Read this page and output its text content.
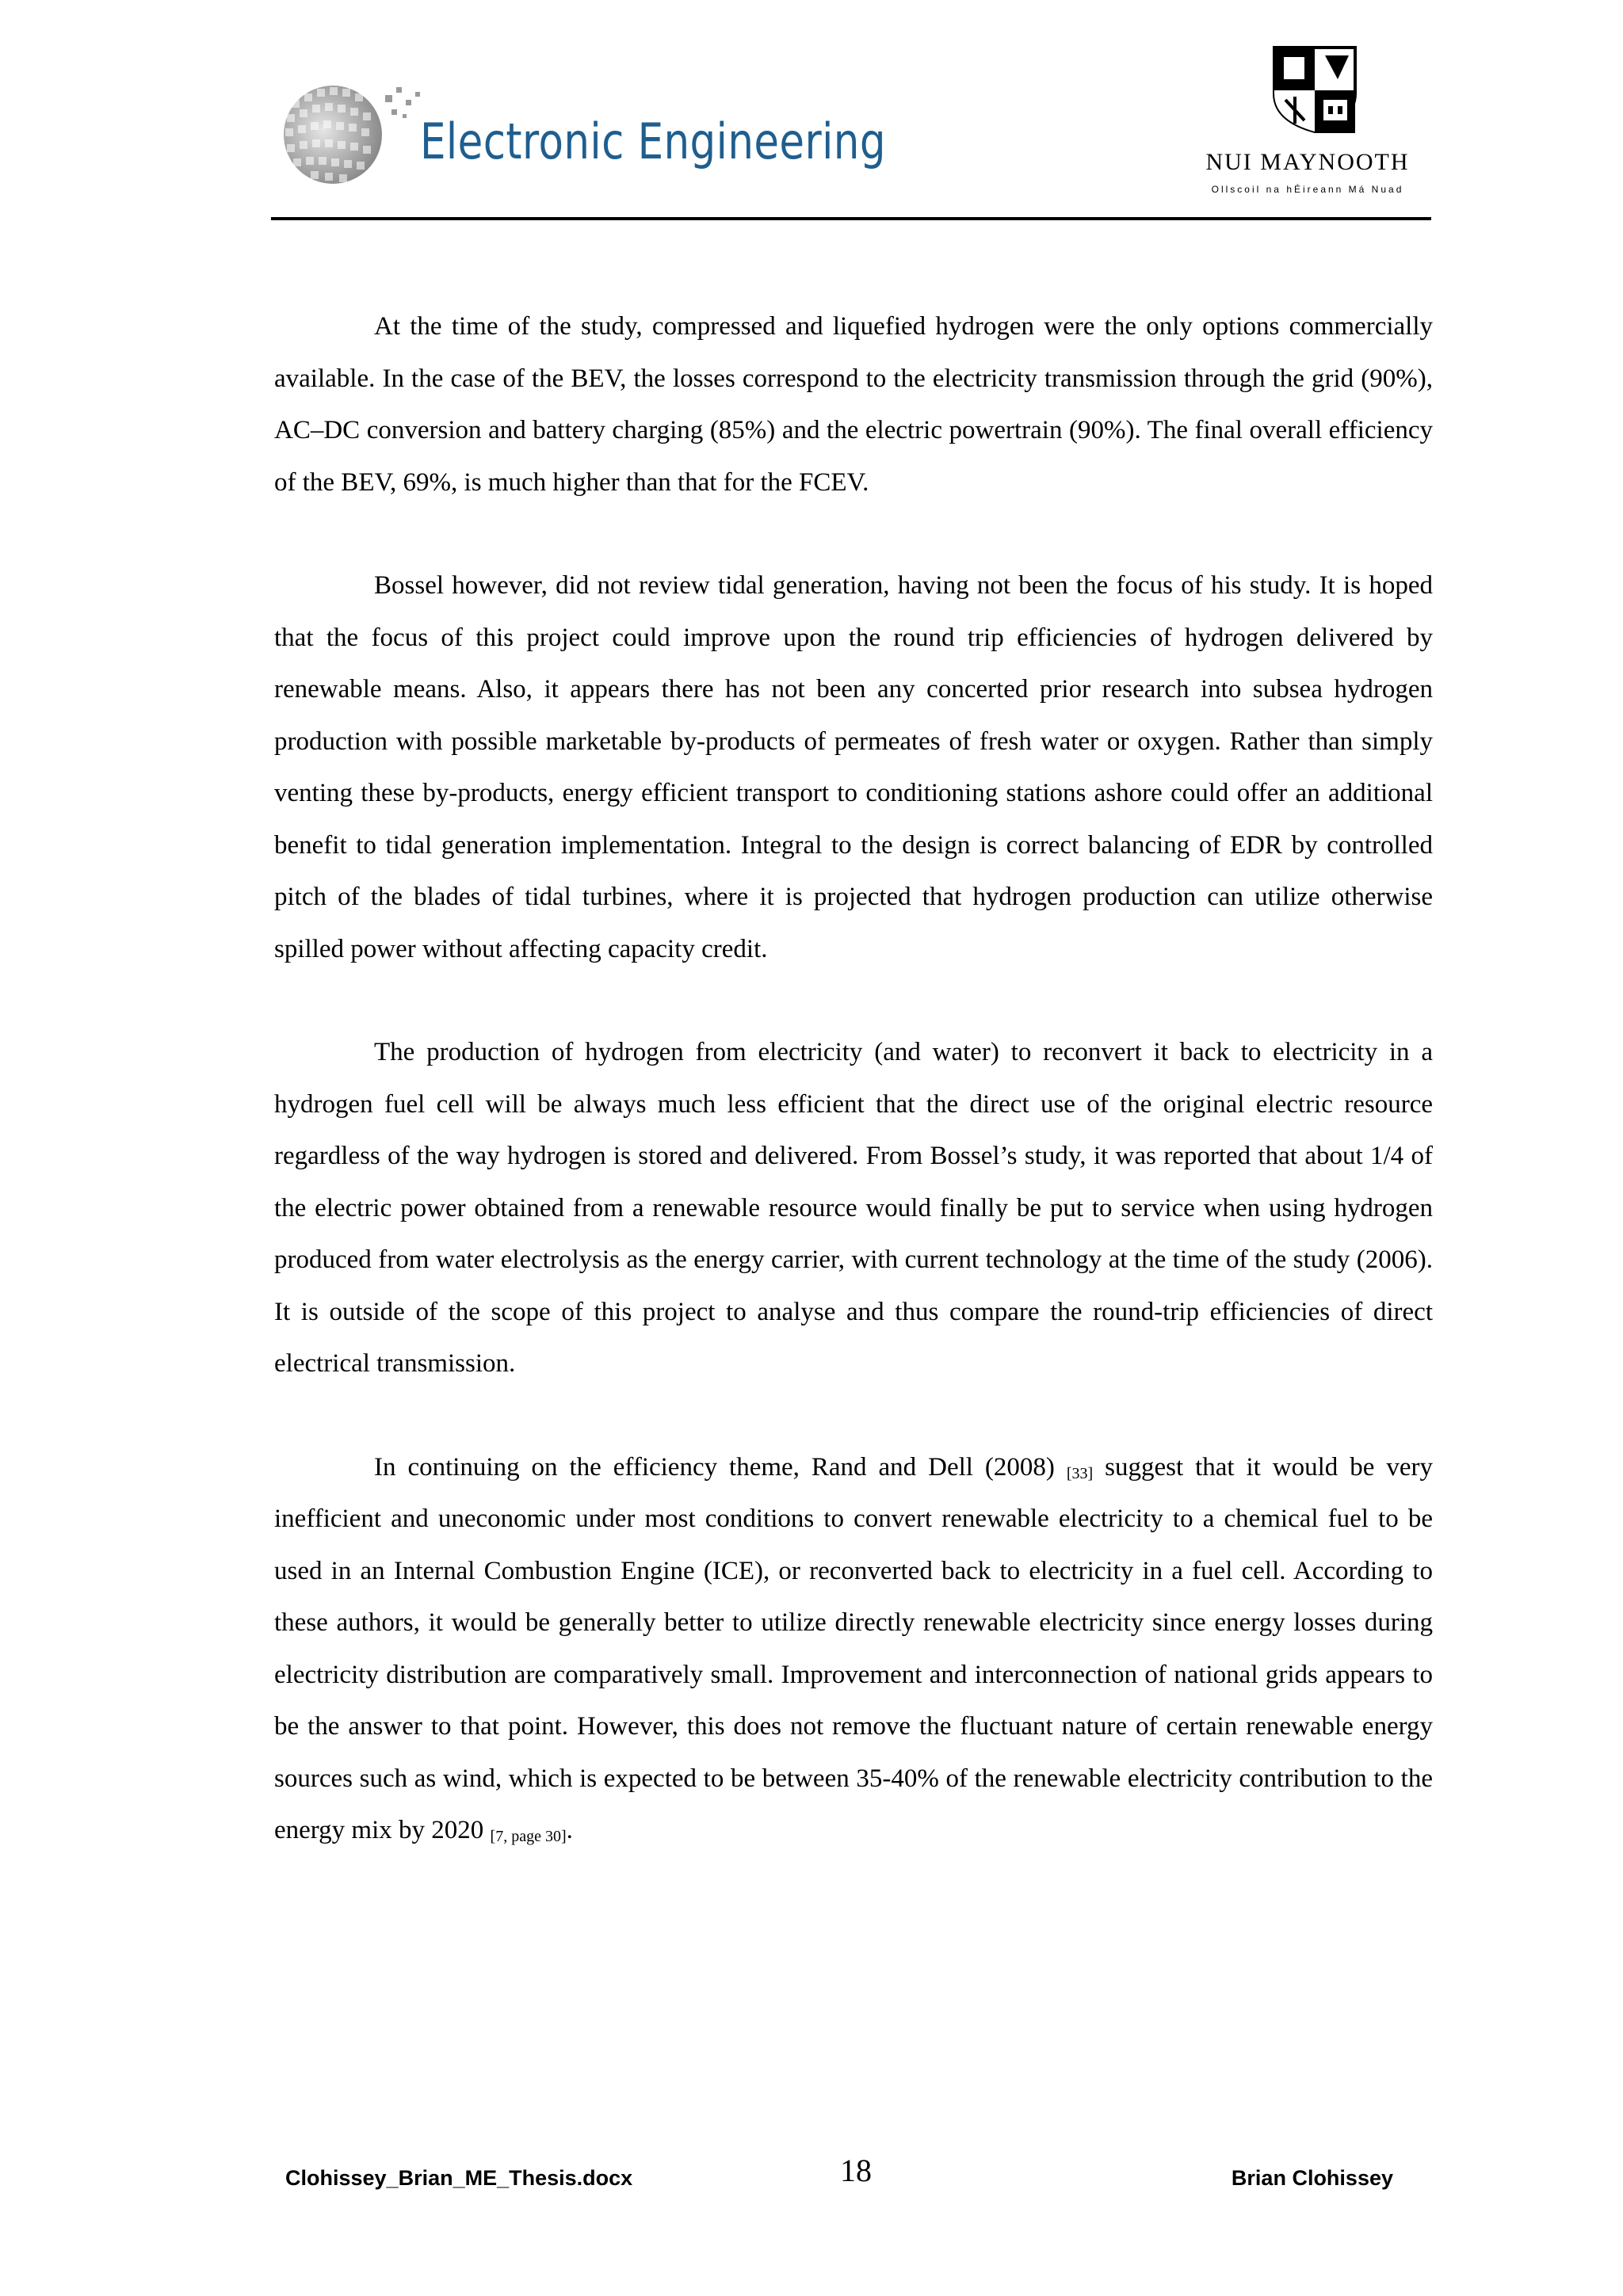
Electronic Engineering	NUI MAYNOOTH
Ollscoil na hÉireann Má Nuad

At the time of the study, compressed and liquefied hydrogen were the only options commercially available. In the case of the BEV, the losses correspond to the electricity transmission through the grid (90%), AC–DC conversion and battery charging (85%) and the electric powertrain (90%). The final overall efficiency of the BEV, 69%, is much higher than that for the FCEV.

Bossel however, did not review tidal generation, having not been the focus of his study. It is hoped that the focus of this project could improve upon the round trip efficiencies of hydrogen delivered by renewable means. Also, it appears there has not been any concerted prior research into subsea hydrogen production with possible marketable by-products of permeates of fresh water or oxygen. Rather than simply venting these by-products, energy efficient transport to conditioning stations ashore could offer an additional benefit to tidal generation implementation. Integral to the design is correct balancing of EDR by controlled pitch of the blades of tidal turbines, where it is projected that hydrogen production can utilize otherwise spilled power without affecting capacity credit.

The production of hydrogen from electricity (and water) to reconvert it back to electricity in a hydrogen fuel cell will be always much less efficient that the direct use of the original electric resource regardless of the way hydrogen is stored and delivered. From Bossel’s study, it was reported that about 1/4 of the electric power obtained from a renewable resource would finally be put to service when using hydrogen produced from water electrolysis as the energy carrier, with current technology at the time of the study (2006). It is outside of the scope of this project to analyse and thus compare the round-trip efficiencies of direct electrical transmission.

In continuing on the efficiency theme, Rand and Dell (2008) [33] suggest that it would be very inefficient and uneconomic under most conditions to convert renewable electricity to a chemical fuel to be used in an Internal Combustion Engine (ICE), or reconverted back to electricity in a fuel cell. According to these authors, it would be generally better to utilize directly renewable electricity since energy losses during electricity distribution are comparatively small. Improvement and interconnection of national grids appears to be the answer to that point. However, this does not remove the fluctuant nature of certain renewable energy sources such as wind, which is expected to be between 35-40% of the renewable electricity contribution to the energy mix by 2020 [7, page 30].

Clohissey_Brian_ME_Thesis.docx	18	Brian Clohissey
